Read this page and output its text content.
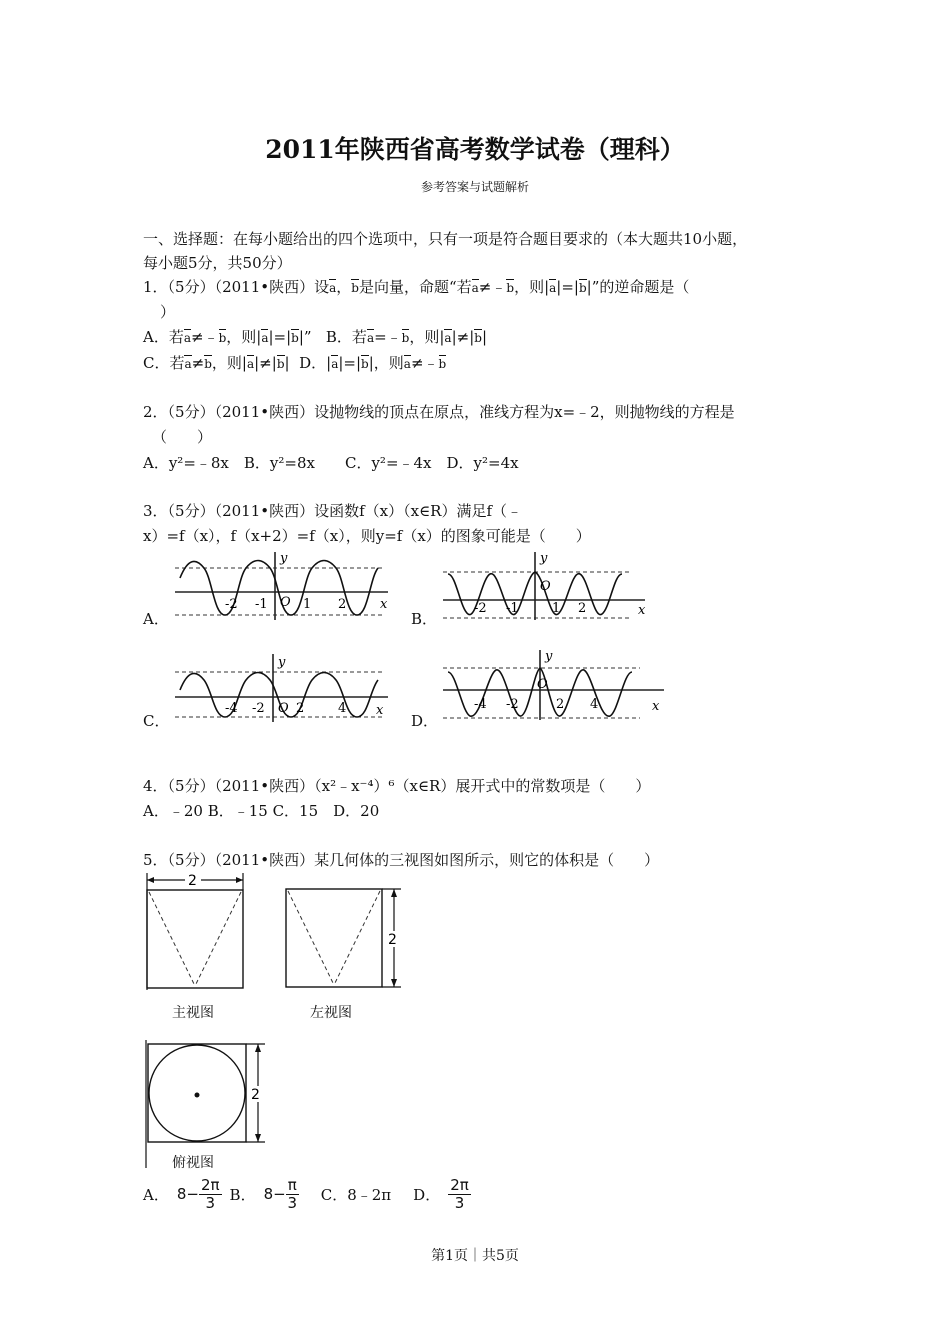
2011年陕西省高考数学试卷（理科）
参考答案与试题解析
一、选择题：在每小题给出的四个选项中，只有一项是符合题目要求的（本大题共10小题，
每小题5分，共50分）
1．（5分）（2011•陕西）设a，b是向量，命题“若a≠﹣b，则|a|=|b|”的逆命题是（
）
A．若a≠﹣b，则|a|=|b|” B．若a=﹣b，则|a|≠|b|
C．若a≠b，则|a|≠|b| D．|a|=|b|，则a≠﹣b
2．（5分）（2011•陕西）设抛物线的顶点在原点，准线方程为x=﹣2，则抛物线的方程是
（　　）
A．y²=﹣8x　B．y²=8x　　C．y²=﹣4x　D．y²=4x
3．（5分）（2011•陕西）设函数f（x）（x∈R）满足f（﹣
x）=f（x），f（x+2）=f（x），则y=f（x）的图象可能是（　　）
A．	B．
C．	D．
x
y
O
-2 -1	1 2	x
y
O
-2 -1	1 2
x
y
O
-4 -2 2	4	x
y
O
-4 -2	2 4
4．（5分）（2011•陕西）（x²﹣x⁻⁴）⁶（x∈R）展开式中的常数项是（　　）
A．﹣20 B．﹣15 C．15　D．20
5．（5分）（2011•陕西）某几何体的三视图如图所示，则它的体积是（　　）
2
主视图
2
左视图
2
俯视图
A． $8- \frac{2\pi}{3}$ B． $8- \frac{\pi}{3}$ C．8﹣2π D． $\frac{2\pi}{3}$
第1页｜共5页
